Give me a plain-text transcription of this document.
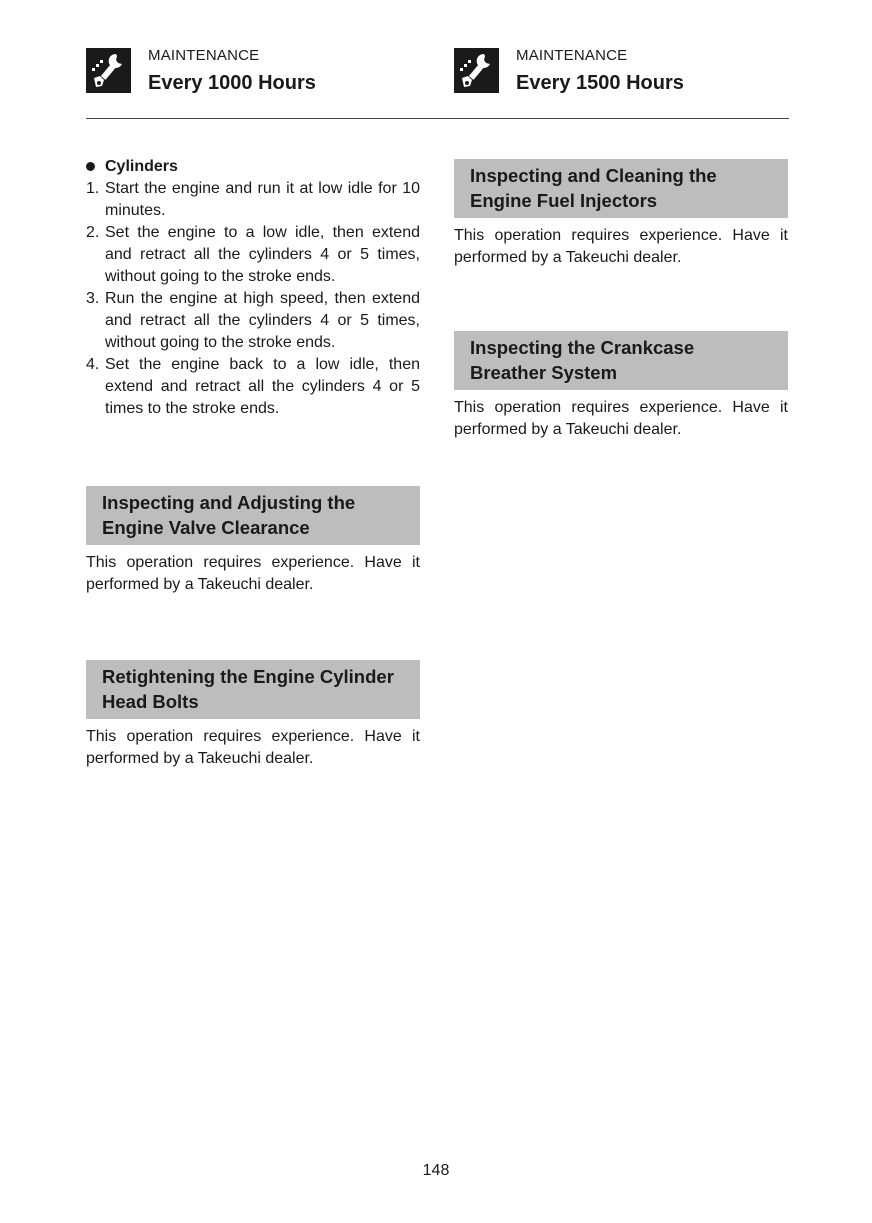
MAINTENANCE
Every 1000 Hours
MAINTENANCE
Every 1500 Hours
Cylinders
1. Start the engine and run it at low idle for 10 minutes.
2. Set the engine to a low idle, then extend and retract all the cylinders 4 or 5 times, without going to the stroke ends.
3. Run the engine at high speed, then extend and retract all the cylinders 4 or 5 times, without going to the stroke ends.
4. Set the engine back to a low idle, then extend and retract all the cylinders 4 or 5 times to the stroke ends.
Inspecting and Adjusting the Engine Valve Clearance
This operation requires experience. Have it performed by a Takeuchi dealer.
Retightening the Engine Cylinder Head Bolts
This operation requires experience. Have it performed by a Takeuchi dealer.
Inspecting and Cleaning the Engine Fuel Injectors
This operation requires experience. Have it performed by a Takeuchi dealer.
Inspecting the Crankcase Breather System
This operation requires experience. Have it performed by a Takeuchi dealer.
148
